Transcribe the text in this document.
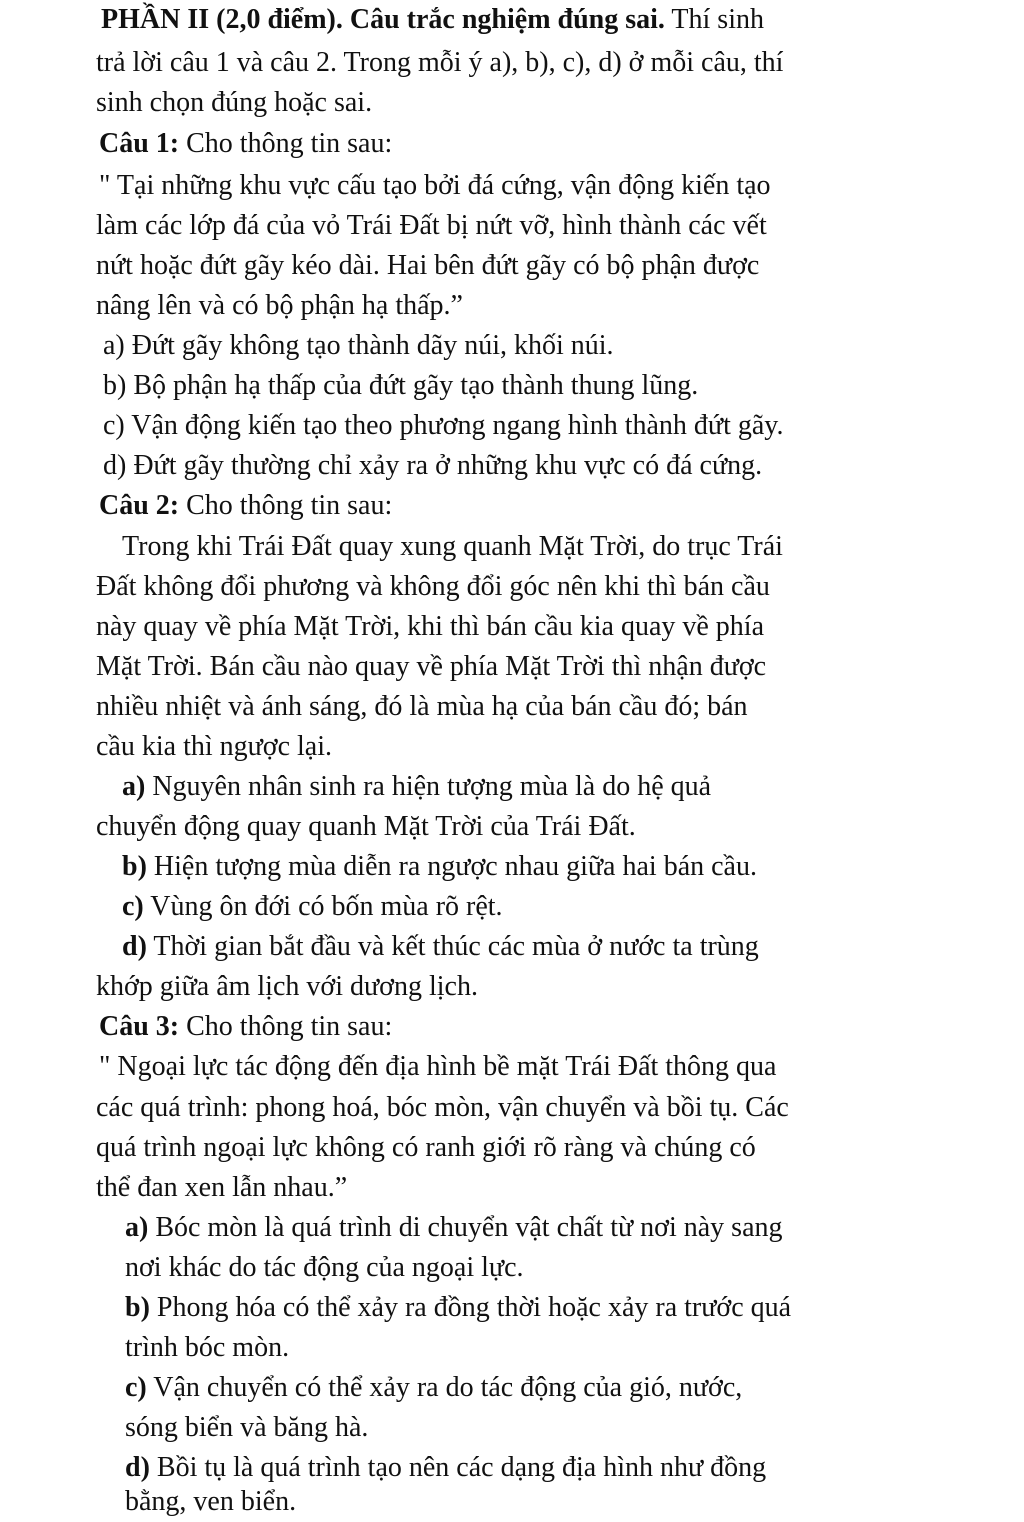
PHẦN II (2,0 điểm). Câu trắc nghiệm đúng sai. Thí sinh
trả lời câu 1 và câu 2. Trong mỗi ý a), b), c), d) ở mỗi câu, thí
sinh chọn đúng hoặc sai.
Câu 1: Cho thông tin sau:
" Tại những khu vực cấu tạo bởi đá cứng, vận động kiến tạo
làm các lớp đá của vỏ Trái Đất bị nứt vỡ, hình thành các vết
nứt hoặc đứt gãy kéo dài. Hai bên đứt gãy có bộ phận được
nâng lên và có bộ phận hạ thấp.”
a) Đứt gãy không tạo thành dãy núi, khối núi.
b) Bộ phận hạ thấp của đứt gãy tạo thành thung lũng.
c) Vận động kiến tạo theo phương ngang hình thành đứt gãy.
d) Đứt gãy thường chỉ xảy ra ở những khu vực có đá cứng.
Câu 2: Cho thông tin sau:
Trong khi Trái Đất quay xung quanh Mặt Trời, do trục Trái
Đất không đổi phương và không đổi góc nên khi thì bán cầu
này quay về phía Mặt Trời, khi thì bán cầu kia quay về phía
Mặt Trời. Bán cầu nào quay về phía Mặt Trời thì nhận được
nhiều nhiệt và ánh sáng, đó là mùa hạ của bán cầu đó; bán
cầu kia thì ngược lại.
a) Nguyên nhân sinh ra hiện tượng mùa là do hệ quả
chuyển động quay quanh Mặt Trời của Trái Đất.
b) Hiện tượng mùa diễn ra ngược nhau giữa hai bán cầu.
c) Vùng ôn đới có bốn mùa rõ rệt.
d) Thời gian bắt đầu và kết thúc các mùa ở nước ta trùng
khớp giữa âm lịch với dương lịch.
Câu 3: Cho thông tin sau:
" Ngoại lực tác động đến địa hình bề mặt Trái Đất thông qua
các quá trình: phong hoá, bóc mòn, vận chuyển và bồi tụ. Các
quá trình ngoại lực không có ranh giới rõ ràng và chúng có
thể đan xen lẫn nhau.”
a) Bóc mòn là quá trình di chuyển vật chất từ nơi này sang
nơi khác do tác động của ngoại lực.
b) Phong hóa có thể xảy ra đồng thời hoặc xảy ra trước quá
trình bóc mòn.
c) Vận chuyển có thể xảy ra do tác động của gió, nước,
sóng biển và băng hà.
d) Bồi tụ là quá trình tạo nên các dạng địa hình như đồng
bằng, ven biển.
